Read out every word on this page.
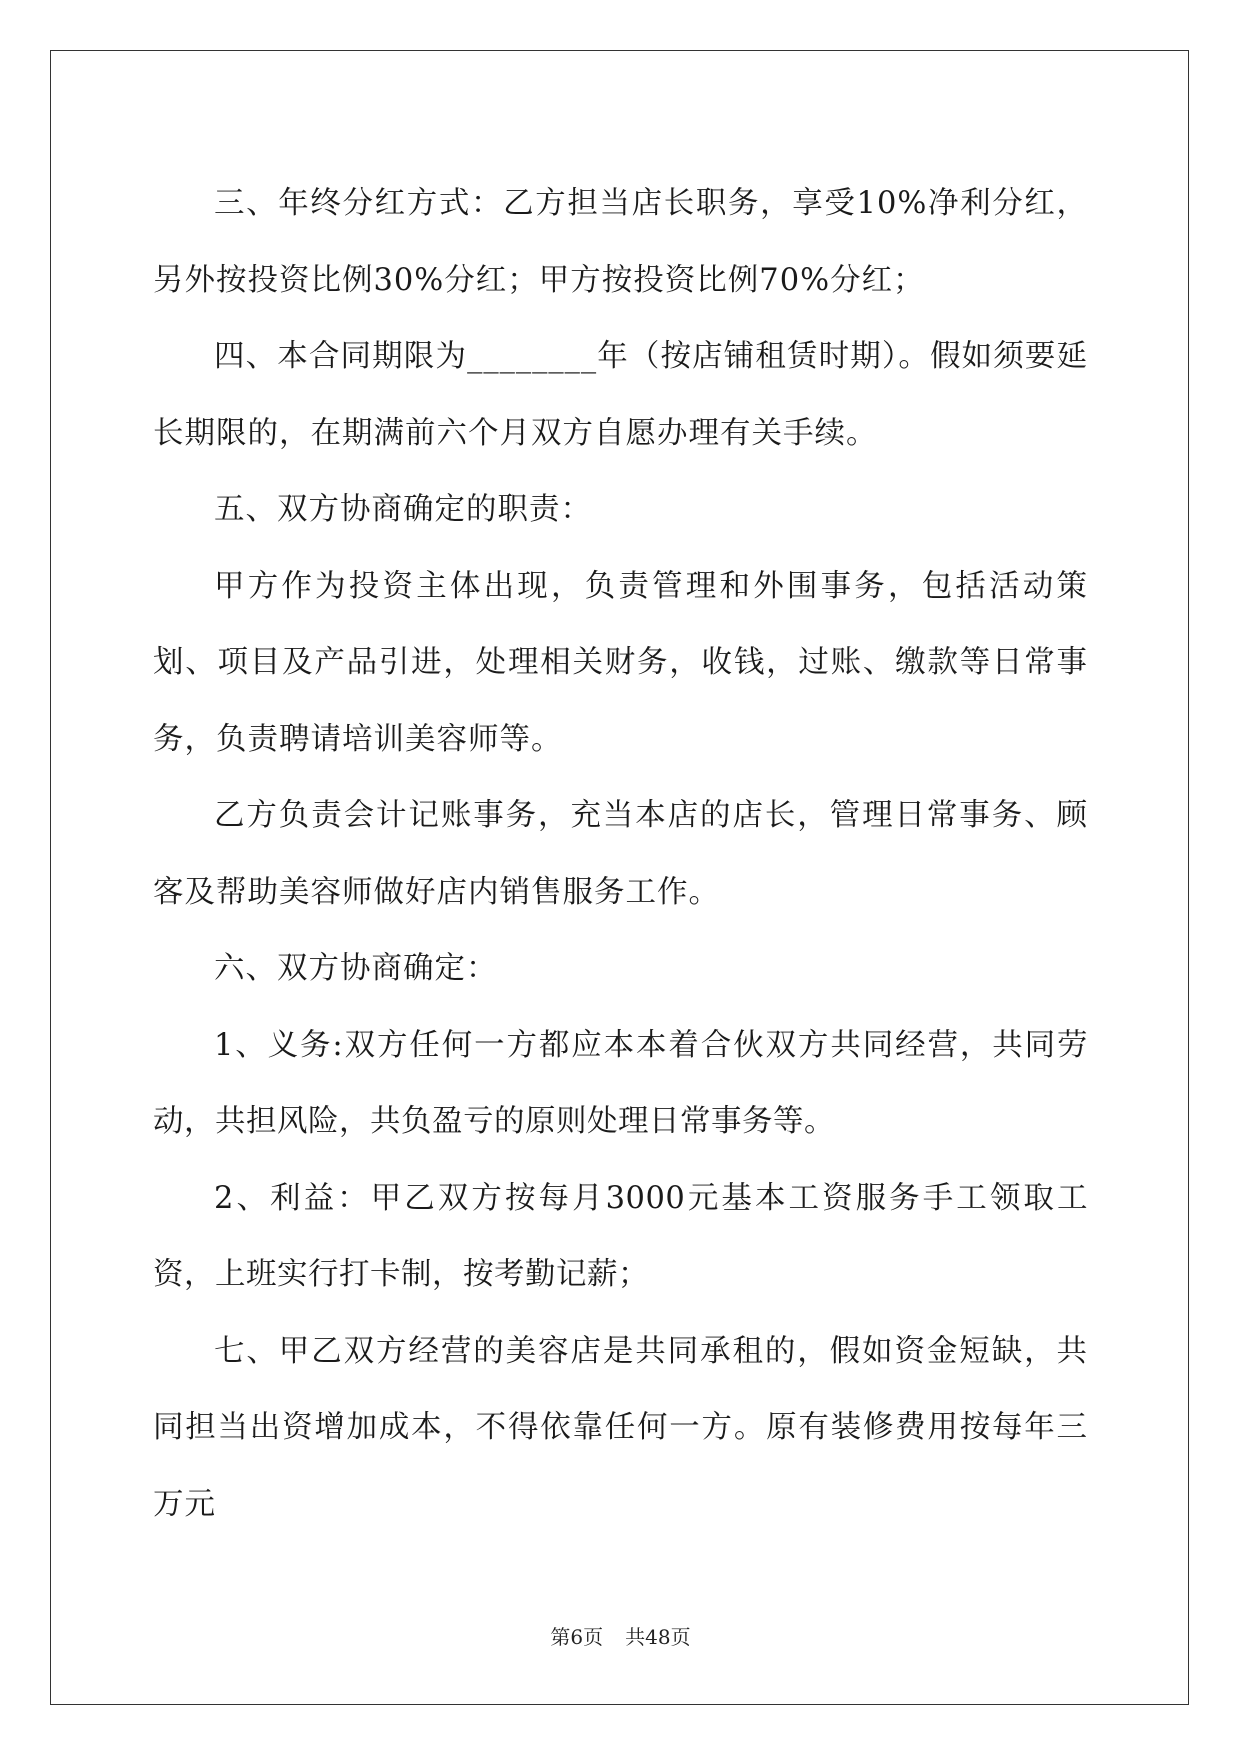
三、年终分红方式：乙方担当店长职务，享受10%净利分红，另外按投资比例30%分红；甲方按投资比例70%分红；

四、本合同期限为________年（按店铺租赁时期）。假如须要延长期限的，在期满前六个月双方自愿办理有关手续。

五、双方协商确定的职责：

甲方作为投资主体出现，负责管理和外围事务，包括活动策划、项目及产品引进，处理相关财务，收钱，过账、缴款等日常事务，负责聘请培训美容师等。

乙方负责会计记账事务，充当本店的店长，管理日常事务、顾客及帮助美容师做好店内销售服务工作。

六、双方协商确定：

1、义务:双方任何一方都应本本着合伙双方共同经营，共同劳动，共担风险，共负盈亏的原则处理日常事务等。

2、利益：甲乙双方按每月3000元基本工资服务手工领取工资，上班实行打卡制，按考勤记薪；

七、甲乙双方经营的美容店是共同承租的，假如资金短缺，共同担当出资增加成本，不得依靠任何一方。原有装修费用按每年三万元

第6页 共48页
